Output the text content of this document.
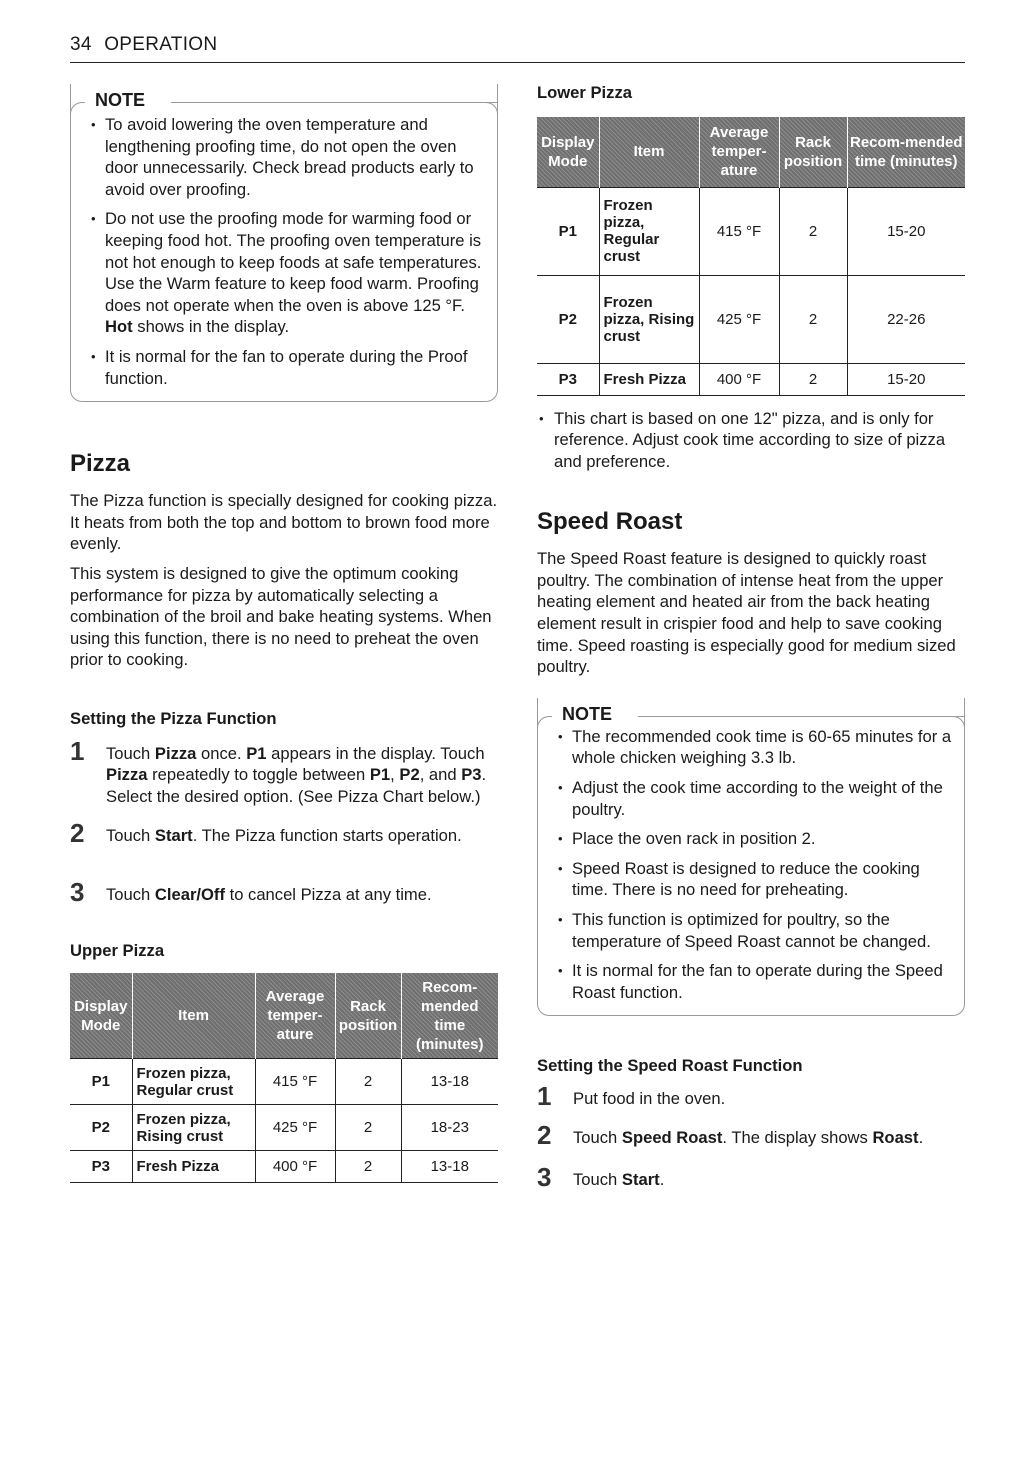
34 OPERATION
NOTE
• To avoid lowering the oven temperature and lengthening proofing time, do not open the oven door unnecessarily. Check bread products early to avoid over proofing.
• Do not use the proofing mode for warming food or keeping food hot. The proofing oven temperature is not hot enough to keep foods at safe temperatures. Use the Warm feature to keep food warm. Proofing does not operate when the oven is above 125 °F. Hot shows in the display.
• It is normal for the fan to operate during the Proof function.
Pizza

The Pizza function is specially designed for cooking pizza. It heats from both the top and bottom to brown food more evenly.

This system is designed to give the optimum cooking performance for pizza by automatically selecting a combination of the broil and bake heating systems. When using this function, there is no need to preheat the oven prior to cooking.

Setting the Pizza Function
1 Touch Pizza once. P1 appears in the display. Touch Pizza repeatedly to toggle between P1, P2, and P3. Select the desired option. (See Pizza Chart below.)
2 Touch Start. The Pizza function starts operation.
3 Touch Clear/Off to cancel Pizza at any time.
Upper Pizza
Display Mode	Item	Average temper-ature	Rack position	Recom-mended time (minutes)
P1	Frozen pizza, Regular crust	415 °F	2	13-18
P2	Frozen pizza, Rising crust	425 °F	2	18-23
P3	Fresh Pizza	400 °F	2	13-18
Lower Pizza
Display Mode	Item	Average temper-ature	Rack position	Recom-mended time (minutes)
P1	Frozen pizza, Regular crust	415 °F	2	15-20
P2	Frozen pizza, Rising crust	425 °F	2	22-26
P3	Fresh Pizza	400 °F	2	15-20
• This chart is based on one 12" pizza, and is only for reference. Adjust cook time according to size of pizza and preference.
Speed Roast

The Speed Roast feature is designed to quickly roast poultry. The combination of intense heat from the upper heating element and heated air from the back heating element result in crispier food and help to save cooking time. Speed roasting is especially good for medium sized poultry.

NOTE
• The recommended cook time is 60-65 minutes for a whole chicken weighing 3.3 lb.
• Adjust the cook time according to the weight of the poultry.
• Place the oven rack in position 2.
• Speed Roast is designed to reduce the cooking time. There is no need for preheating.
• This function is optimized for poultry, so the temperature of Speed Roast cannot be changed.
• It is normal for the fan to operate during the Speed Roast function.
Setting the Speed Roast Function
1 Put food in the oven.
2 Touch Speed Roast. The display shows Roast.
3 Touch Start.
